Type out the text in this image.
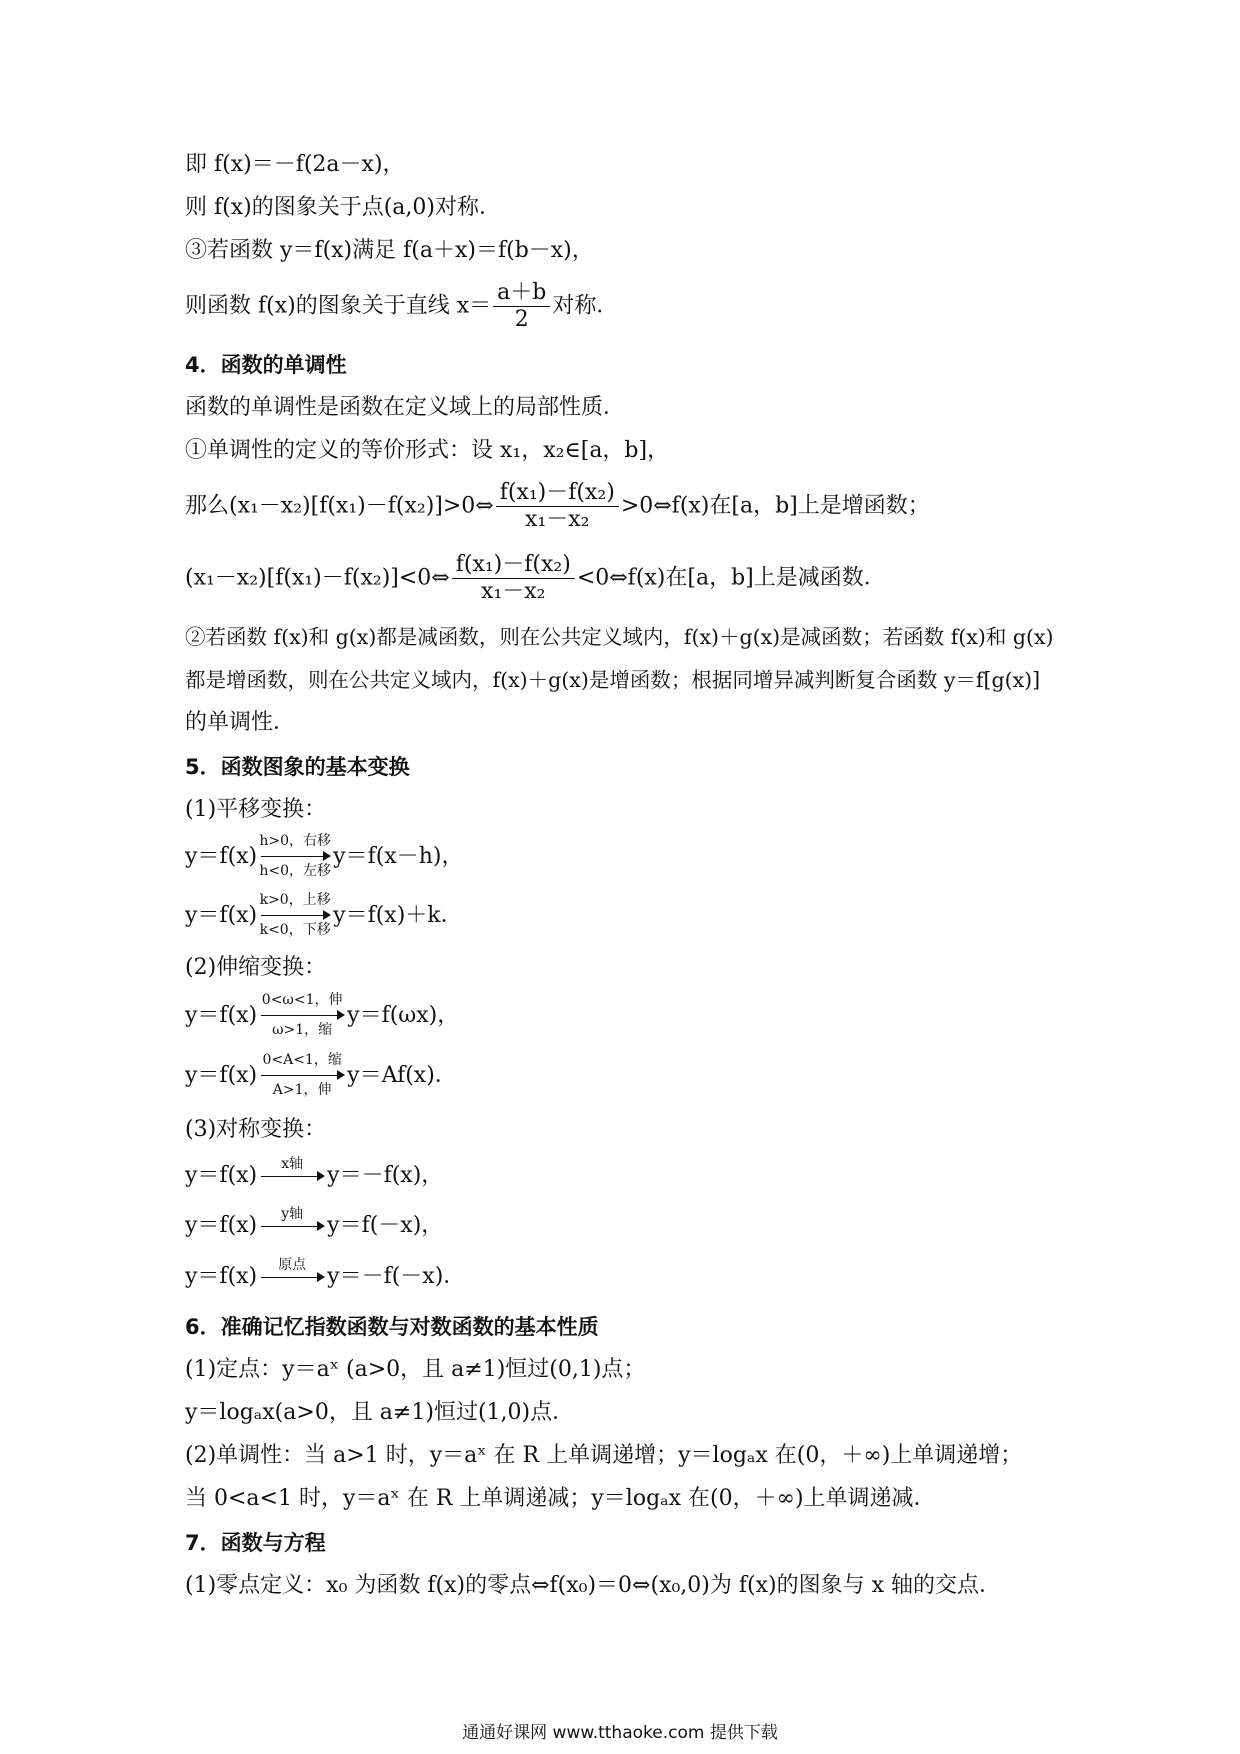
即 f(x)＝－f(2a－x)，
则 f(x)的图象关于点(a,0)对称．
③若函数 y＝f(x)满足 f(a＋x)＝f(b－x)，
则函数 f(x)的图象关于直线 $x= \frac{a+b}{2}$ 对称．
4．函数的单调性
函数的单调性是函数在定义域上的局部性质．
①单调性的定义的等价形式：设 x₁，x₂∈[a，b]，
那么(x₁－x₂)[f(x₁)－f(x₂)]>0⇔ $\frac{\text{f(x₁)－f(x₂)}}{\text{x₁－x₂}}$ >0⇔f(x)在[a，b]上是增函数；
(x₁－x₂)[f(x₁)－f(x₂)]<0⇔ $\frac{\text{f(x₁)－f(x₂)}}{\text{x₁－x₂}}$ <0⇔f(x)在[a，b]上是减函数．
②若函数 f(x)和 g(x)都是减函数，则在公共定义域内，f(x)＋g(x)是减函数；若函数 f(x)和 g(x)
都是增函数，则在公共定义域内，f(x)＋g(x)是增函数；根据同增异减判断复合函数 y＝f[g(x)]
的单调性．
5．函数图象的基本变换
(1)平移变换：
y＝f(x)
h>0，右移
h<0，左移
y＝f(x－h)，
y＝f(x)
k>0，上移
k<0，下移
y＝f(x)＋k．
(2)伸缩变换：
y＝f(x)
0<ω<1，伸
ω>1，缩
y＝f(ωx)，
y＝f(x)
0<A<1，缩
A>1，伸
y＝Af(x)．
(3)对称变换：
y＝f(x)	x轴	y＝－f(x)，
y＝f(x)	y轴	y＝f(－x)，
y＝f(x)	原点 y＝－f(－x)．
6．准确记忆指数函数与对数函数的基本性质
(1)定点：y＝aˣ (a>0，且 a≠1)恒过(0,1)点；
y＝logₐx(a>0，且 a≠1)恒过(1,0)点．
(2)单调性：当 a>1 时，y＝aˣ 在 R 上单调递增；y＝logₐx 在(0，＋∞)上单调递增；
当 0<a<1 时，y＝aˣ 在 R 上单调递减；y＝logₐx 在(0，＋∞)上单调递减．
7．函数与方程
(1)零点定义：x₀ 为函数 f(x)的零点⇔f(x₀)＝0⇔(x₀,0)为 f(x)的图象与 x 轴的交点．
通通好课网 www.tthaoke.com 提供下载
